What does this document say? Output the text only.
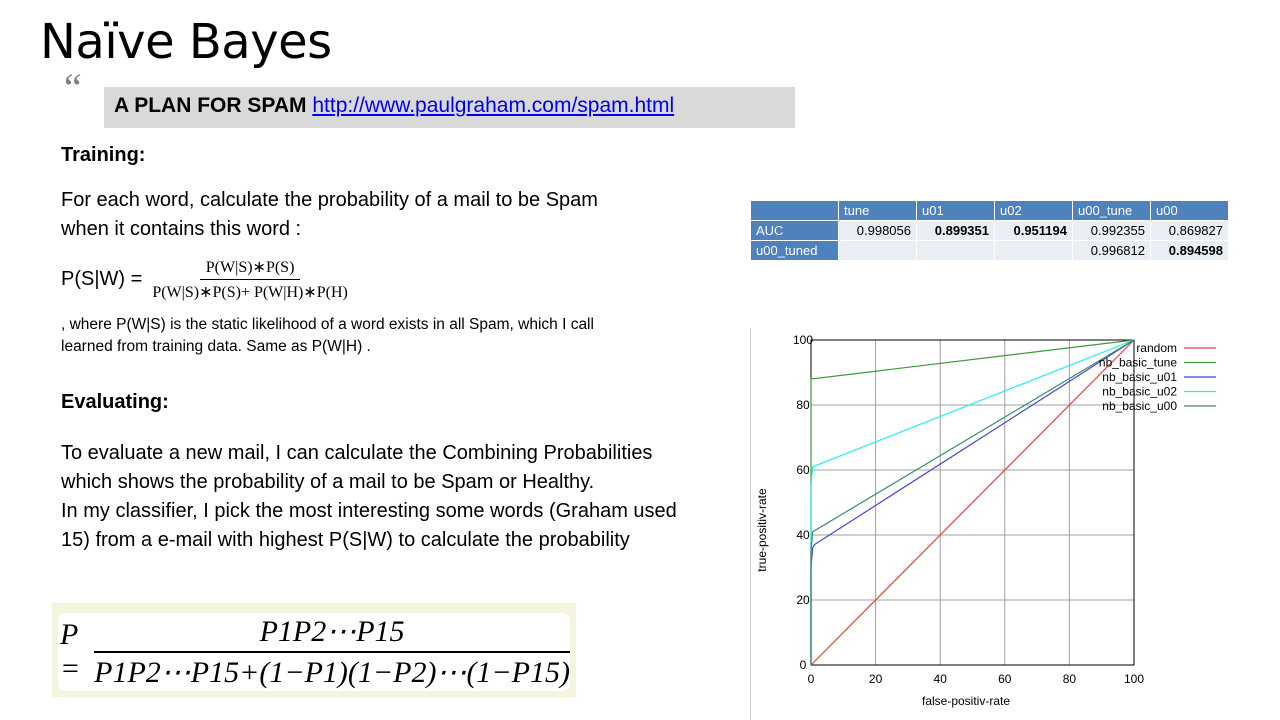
Naïve Bayes
“	A PLAN FOR SPAM http://www.paulgraham.com/spam.html
Training:
For each word, calculate the probability of a mail to be Spam
when it contains this word :
$P(S|W) = \frac{P(W|S)∗P(S)}{P(W|S)∗P(S)+ P(W|H)∗P(H)}$
, where P(W|S) is the static likelihood of a word exists in all Spam, which I call
learned from training data. Same as P(W|H) .
Evaluating:
To evaluate a new mail, I can calculate the Combining Probabilities
which shows the probability of a mail to be Spam or Healthy.
In my classifier, I pick the most interesting some words (Graham used
15) from a e-mail with highest P(S|W) to calculate the probability
$P = \frac{P1P2\cdots P15}{P1P2\cdots P15+(1-P1)(1-P2)\cdots(1-P15)}$
	tune	u01	u02	u00_tune	u00
AUC	0.998056	0.899351	0.951194	0.992355	0.869827
u00_tuned				0.996812	0.894598
0	20	40	60	80	100
0
20
40
60
80
100
random
nb_basic_tune
nb_basic_u01
nb_basic_u02
nb_basic_u00
false-positiv-rate
true-positiv-rate
